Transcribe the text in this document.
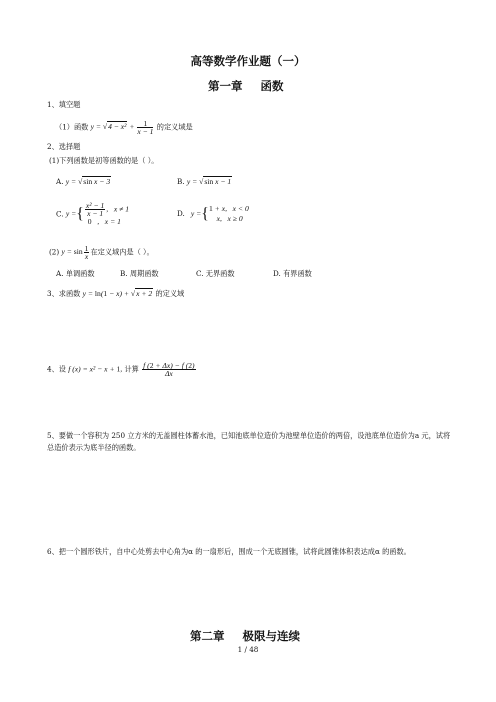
高等数学作业题（一）
第一章 函数
1、填空题
（1）函数 $y = √4 - x^2 + \frac{1}{x - 1}$ 的定义域是
2、选择题
(1)下列函数是初等函数的是（ ）。
A. y = √sin x − 3	B. y = √sin x − 1
C. y ={ $\frac{\text{x² − 1}}{x - 1}$ ,   x ≠ 1
0   ,   x = 1
D.   y ={1 + x,   x < 0
x,   x ≥ 0
(2) $y = \sin \frac{1}{x}$ 在定义域内是（ ）。
A. 单调函数	B. 周期函数	C. 无界函数	D. 有界函数
3、求函数 y = ln(1 − x) + √x + 2 的定义域
4、设 f (x) = x² − x + 1, 计算 $\frac{f (2 + \Delta x) - f (2)}{\Delta x}$
5、要做一个容积为 250 立方米的无盖圆柱体蓄水池，已知池底单位造价为池壁单位造价的两倍，设池底单位造价为a 元，试将总造价表示为底半径的函数。
6、把一个圆形铁片，自中心处剪去中心角为α 的一扇形后，围成一个无底圆锥，试将此圆锥体积表达成α 的函数。
第二章 极限与连续
1 / 48
